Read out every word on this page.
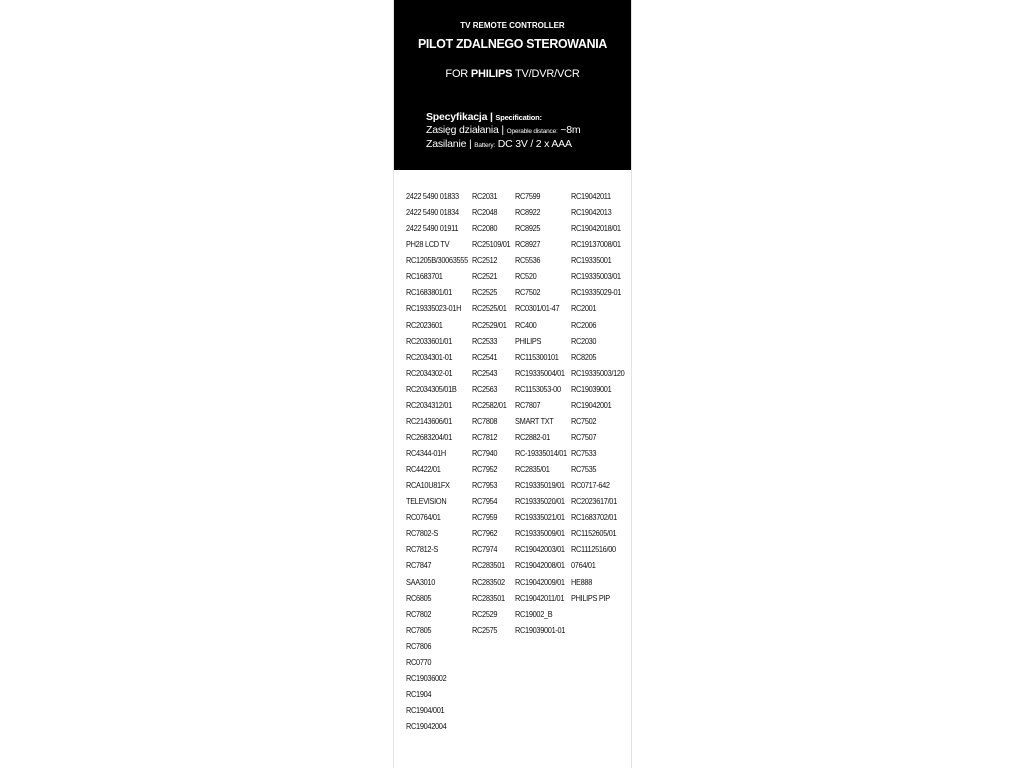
TV REMOTE CONTROLLER
PILOT ZDALNEGO STEROWANIA
FOR PHILIPS TV/DVR/VCR
Specyfikacja | Specification:
Zasięg działania | Operable distance: ~8m
Zasilanie | Battery: DC 3V / 2 x AAA
2422 5490 01833
2422 5490 01834
2422 5490 01911
PH28 LCD TV
RC1205B/30063555
RC1683701
RC1683801/01
RC19335023-01H
RC2023601
RC2033601/01
RC2034301-01
RC2034302-01
RC2034305/01B
RC2034312/01
RC2143606/01
RC2683204/01
RC4344-01H
RC4422/01
RCA10U81FX
TELEVISION
RC0764/01
RC7802-S
RC7812-S
RC7847
SAA3010
RC6805
RC7802
RC7805
RC7806
RC0770
RC19036002
RC1904
RC1904/001
RC19042004
RC2031
RC2048
RC2080
RC25109/01
RC2512
RC2521
RC2525
RC2525/01
RC2529/01
RC2533
RC2541
RC2543
RC2563
RC2582/01
RC7808
RC7812
RC7940
RC7952
RC7953
RC7954
RC7959
RC7962
RC7974
RC283501
RC283502
RC283501
RC2529
RC2575
RC7599
RC8922
RC8925
RC8927
RC5536
RC520
RC7502
RC0301/01-47
RC400
PHILIPS
RC115300101
RC19335004/01
RC1153053-00
RC7807
SMART TXT
RC2882-01
RC-19335014/01
RC2835/01
RC19335019/01
RC19335020/01
RC19335021/01
RC19335009/01
RC19042003/01
RC19042008/01
RC19042009/01
RC19042011/01
RC19002_B
RC19039001-01
RC19042011
RC19042013
RC19042018/01
RC19137008/01
RC19335001
RC19335003/01
RC19335029-01
RC2001
RC2006
RC2030
RC8205
RC19335003/120
RC19039001
RC19042001
RC7502
RC7507
RC7533
RC7535
RC0717-642
RC2023617/01
RC1683702/01
RC1152605/01
RC1112516/00
0764/01
HE888
PHILIPS PIP
